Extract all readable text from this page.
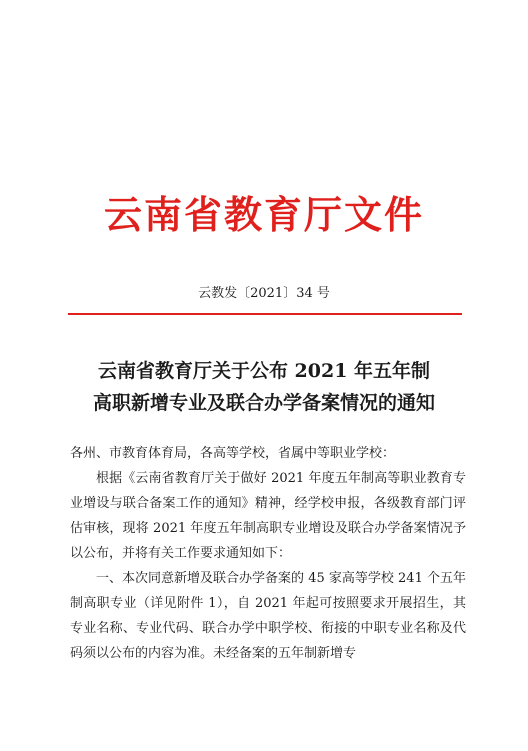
云南省教育厅文件
云教发〔2021〕34 号
云南省教育厅关于公布 2021 年五年制
高职新增专业及联合办学备案情况的通知
各州、市教育体育局，各高等学校，省属中等职业学校：

根据《云南省教育厅关于做好 2021 年度五年制高等职业教育专业增设与联合备案工作的通知》精神，经学校申报，各级教育部门评估审核，现将 2021 年度五年制高职专业增设及联合办学备案情况予以公布，并将有关工作要求通知如下：

一、本次同意新增及联合办学备案的 45 家高等学校 241 个五年制高职专业（详见附件 1），自 2021 年起可按照要求开展招生，其专业名称、专业代码、联合办学中职学校、衔接的中职专业名称及代码须以公布的内容为准。未经备案的五年制新增专
